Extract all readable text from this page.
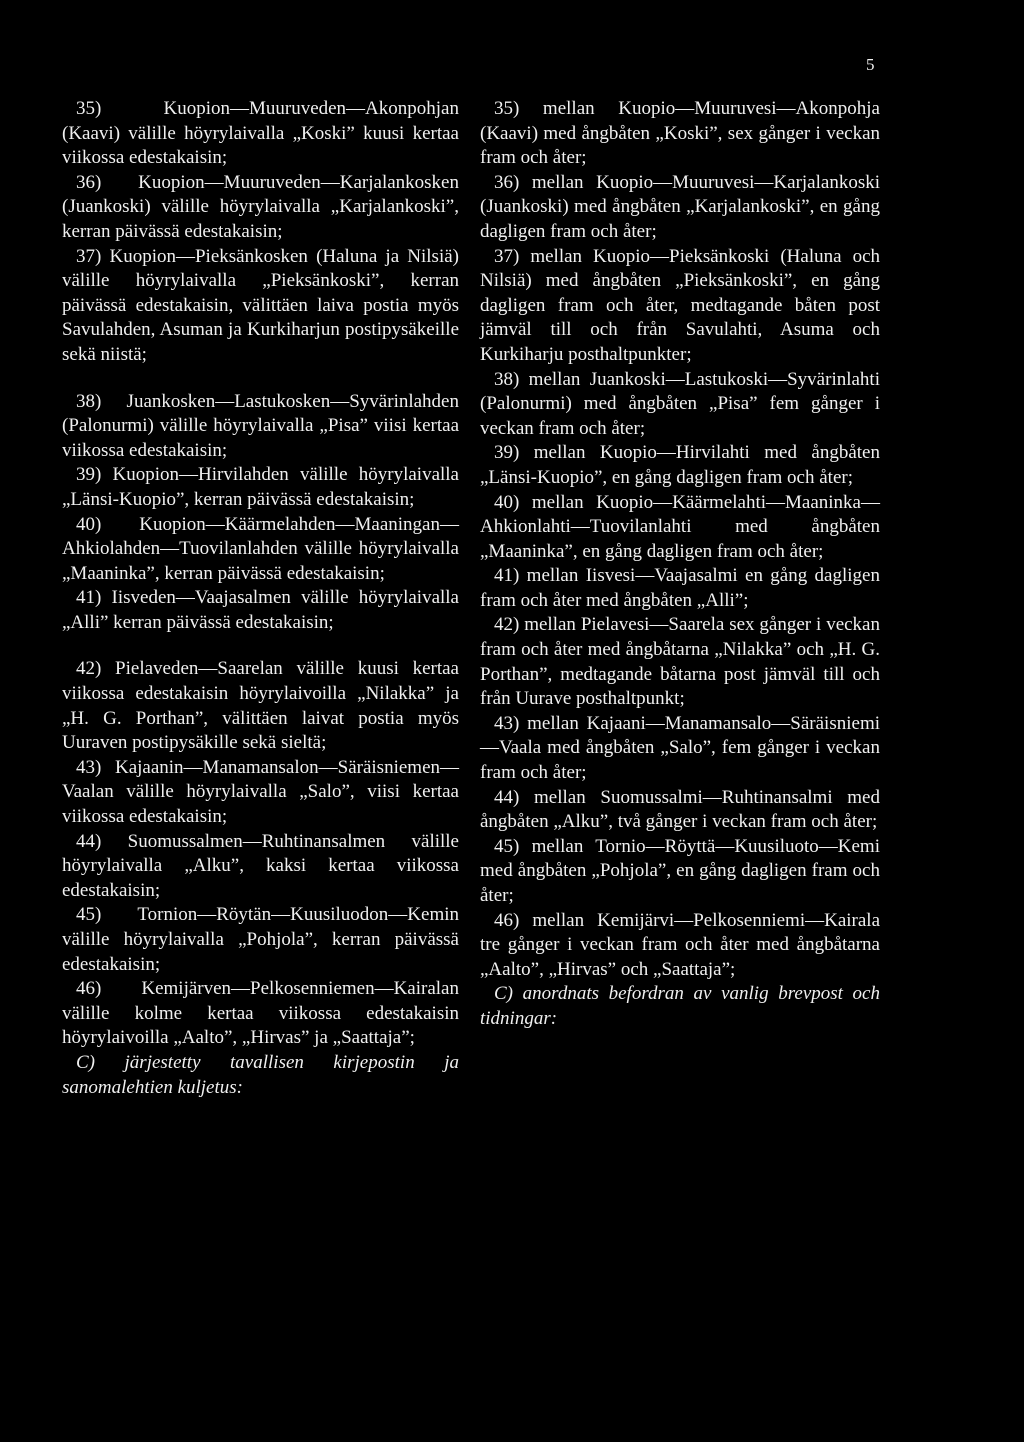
5

35) Kuopion—Muuruveden—Akonpohjan (Kaavi) välille höyrylaivalla „Koski” kuusi kertaa viikossa edestakaisin;

36) Kuopion—Muuruveden—Karjalankosken (Juankoski) välille höyrylaivalla „Karjalankoski”, kerran päivässä edestakaisin;

37) Kuopion—Pieksänkosken (Haluna ja Nilsiä) välille höyrylaivalla „Pieksänkoski”, kerran päivässä edestakaisin, välittäen laiva postia myös Savulahden, Asuman ja Kurkiharjun postipysäkeille sekä niistä;

38) Juankosken—Lastukosken—Syvärinlahden (Palonurmi) välille höyrylaivalla „Pisa” viisi kertaa viikossa edestakaisin;

39) Kuopion—Hirvilahden välille höyrylaivalla „Länsi-Kuopio”, kerran päivässä edestakaisin;

40) Kuopion—Käärmelahden—Maaningan—Ahkiolahden—Tuovilanlahden välille höyrylaivalla „Maaninka”, kerran päivässä edestakaisin;

41) Iisveden—Vaajasalmen välille höyrylaivalla „Alli” kerran päivässä edestakaisin;

42) Pielaveden—Saarelan välille kuusi kertaa viikossa edestakaisin höyrylaivoilla „Nilakka” ja „H. G. Porthan”, välittäen laivat postia myös Uuraven postipysäkille sekä sieltä;

43) Kajaanin—Manamansalon—Säräisniemen—Vaalan välille höyrylaivalla „Salo”, viisi kertaa viikossa edestakaisin;

44) Suomussalmen—Ruhtinansalmen välille höyrylaivalla „Alku”, kaksi kertaa viikossa edestakaisin;

45) Tornion—Röytän—Kuusiluodon—Kemin välille höyrylaivalla „Pohjola”, kerran päivässä edestakaisin;

46) Kemijärven—Pelkosenniemen—Kairalan välille kolme kertaa viikossa edestakaisin höyrylaivoilla „Aalto”, „Hirvas” ja „Saattaja”;

C) järjestetty tavallisen kirjepostin ja sanomalehtien kuljetus:

35) mellan Kuopio—Muuruvesi—Akonpohja (Kaavi) med ångbåten „Koski”, sex gånger i veckan fram och åter;

36) mellan Kuopio—Muuruvesi—Karjalankoski (Juankoski) med ångbåten „Karjalankoski”, en gång dagligen fram och åter;

37) mellan Kuopio—Pieksänkoski (Haluna och Nilsiä) med ångbåten „Pieksänkoski”, en gång dagligen fram och åter, medtagande båten post jämväl till och från Savulahti, Asuma och Kurkiharju posthaltpunkter;

38) mellan Juankoski—Lastukoski—Syvärinlahti (Palonurmi) med ångbåten „Pisa” fem gånger i veckan fram och åter;

39) mellan Kuopio—Hirvilahti med ångbåten „Länsi-Kuopio”, en gång dagligen fram och åter;

40) mellan Kuopio—Käärmelahti—Maaninka—Ahkionlahti—Tuovilanlahti med ångbåten „Maaninka”, en gång dagligen fram och åter;

41) mellan Iisvesi—Vaajasalmi en gång dagligen fram och åter med ångbåten „Alli”;

42) mellan Pielavesi—Saarela sex gånger i veckan fram och åter med ångbåtarna „Nilakka” och „H. G. Porthan”, medtagande båtarna post jämväl till och från Uurave posthaltpunkt;

43) mellan Kajaani—Manamansalo—Säräisniemi—Vaala med ångbåten „Salo”, fem gånger i veckan fram och åter;

44) mellan Suomussalmi—Ruhtinansalmi med ångbåten „Alku”, två gånger i veckan fram och åter;

45) mellan Tornio—Röyttä—Kuusiluoto—Kemi med ångbåten „Pohjola”, en gång dagligen fram och åter;

46) mellan Kemijärvi—Pelkosenniemi—Kairala tre gånger i veckan fram och åter med ångbåtarna „Aalto”, „Hirvas” och „Saattaja”;

C) anordnats befordran av vanlig brevpost och tidningar:
